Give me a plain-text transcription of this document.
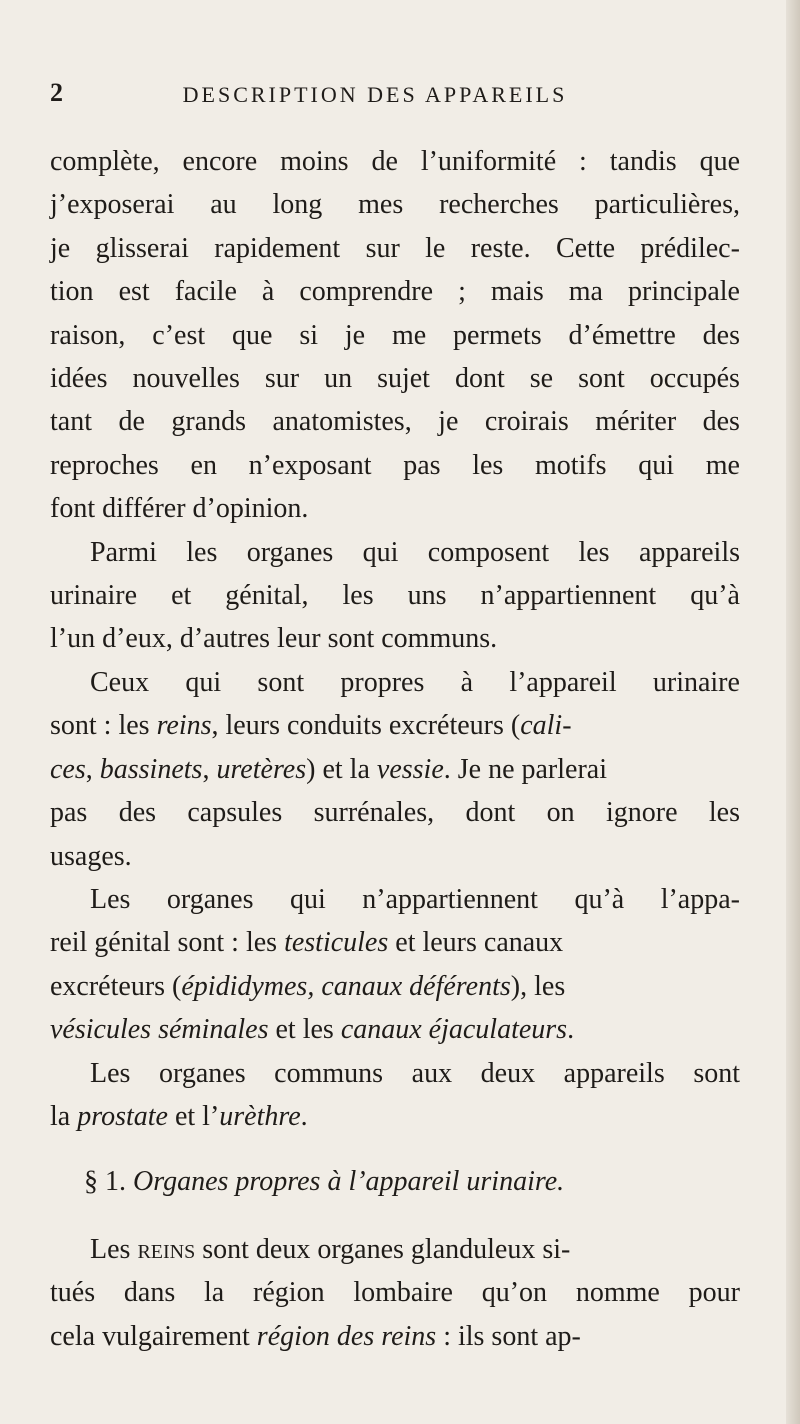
2	DESCRIPTION DES APPAREILS
complète, encore moins de l’uniformité : tandis que
j’exposerai au long mes recherches particulières,
je glisserai rapidement sur le reste. Cette prédilec-
tion est facile à comprendre ; mais ma principale
raison, c’est que si je me permets d’émettre des
idées nouvelles sur un sujet dont se sont occupés
tant de grands anatomistes, je croirais mériter des
reproches en n’exposant pas les motifs qui me
font différer d’opinion.
Parmi les organes qui composent les appareils
urinaire et génital, les uns n’appartiennent qu’à
l’un d’eux, d’autres leur sont communs.
Ceux qui sont propres à l’appareil urinaire
sont : les reins, leurs conduits excréteurs (cali-
ces, bassinets, uretères) et la vessie. Je ne parlerai
pas des capsules surrénales, dont on ignore les
usages.
Les organes qui n’appartiennent qu’à l’appa-
reil génital sont : les testicules et leurs canaux
excréteurs (épididymes, canaux déférents), les
vésicules séminales et les canaux éjaculateurs.
Les organes communs aux deux appareils sont
la prostate et l’urèthre.
§ 1. Organes propres à l’appareil urinaire.
Les reins sont deux organes glanduleux si-
tués dans la région lombaire qu’on nomme pour
cela vulgairement région des reins : ils sont ap-
